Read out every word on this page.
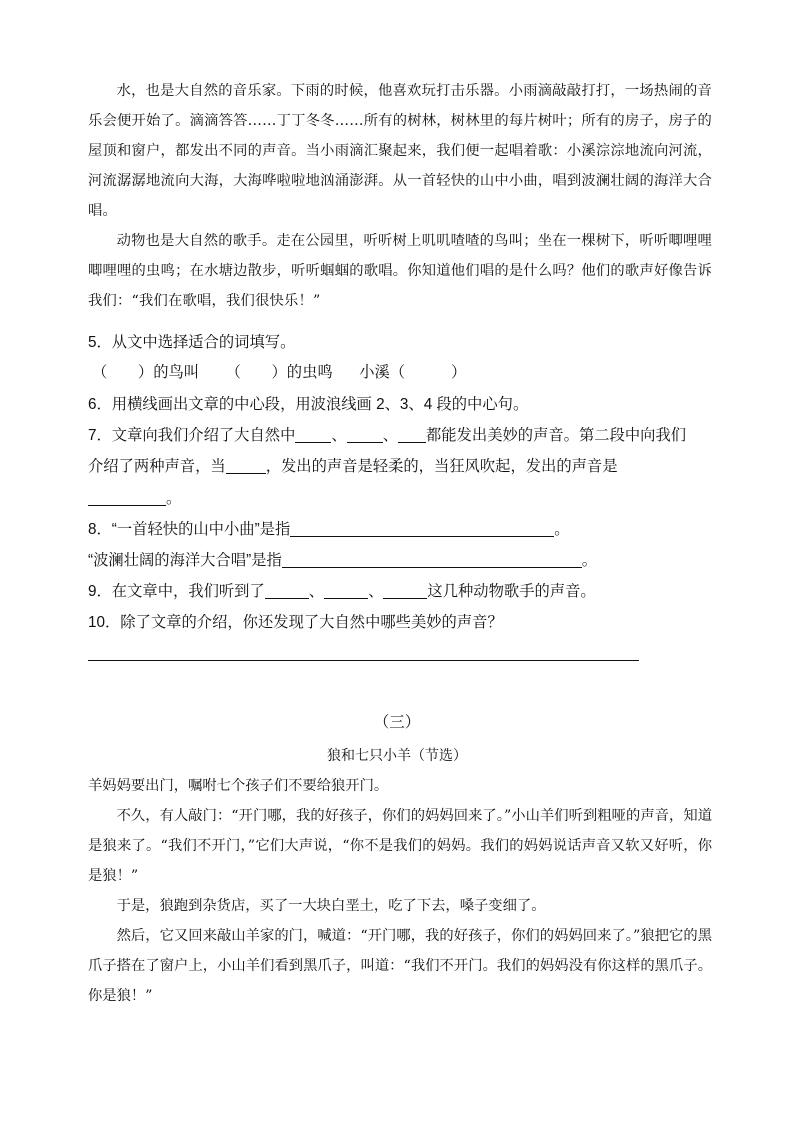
水，也是大自然的音乐家。下雨的时候，他喜欢玩打击乐器。小雨滴敲敲打打，一场热闹的音乐会便开始了。滴滴答答……丁丁冬冬……所有的树林，树林里的每片树叶；所有的房子，房子的屋顶和窗户，都发出不同的声音。当小雨滴汇聚起来，我们便一起唱着歌：小溪淙淙地流向河流，河流潺潺地流向大海，大海哗啦啦地汹涌澎湃。从一首轻快的山中小曲，唱到波澜壮阔的海洋大合唱。

动物也是大自然的歌手。走在公园里，听听树上叽叽喳喳的鸟叫；坐在一棵树下，听听唧哩哩唧哩哩的虫鸣；在水塘边散步，听听蝈蝈的歌唱。你知道他们唱的是什么吗？他们的歌声好像告诉我们：“我们在歌唱，我们很快乐！”

5．从文中选择适合的词填写。
（　　）的鸟叫 （　　）的虫鸣 小溪（　　　）
6．用横线画出文章的中心段，用波浪线画 2、3、4 段的中心句。
7．文章向我们介绍了大自然中 、 、 都能发出美妙的声音。第二段中向我们
介绍了两种声音，当	，发出的声音是轻柔的，当狂风吹起，发出的声音是
。
8．“一首轻快的山中小曲”是指	。
“波澜壮阔的海洋大合唱”是指	。
9．在文章中，我们听到了	、	、	这几种动物歌手的声音。
10．除了文章的介绍，你还发现了大自然中哪些美妙的声音？
（三）
狼和七只小羊（节选）

羊妈妈要出门，嘱咐七个孩子们不要给狼开门。

不久，有人敲门：“开门哪，我的好孩子，你们的妈妈回来了。”小山羊们听到粗哑的声音，知道是狼来了。“我们不开门，”它们大声说，“你不是我们的妈妈。我们的妈妈说话声音又软又好听，你是狼！”

于是，狼跑到杂货店，买了一大块白垩土，吃了下去，嗓子变细了。

然后，它又回来敲山羊家的门，喊道：“开门哪，我的好孩子，你们的妈妈回来了。”狼把它的黑爪子搭在了窗户上，小山羊们看到黑爪子，叫道：“我们不开门。我们的妈妈没有你这样的黑爪子。你是狼！”
